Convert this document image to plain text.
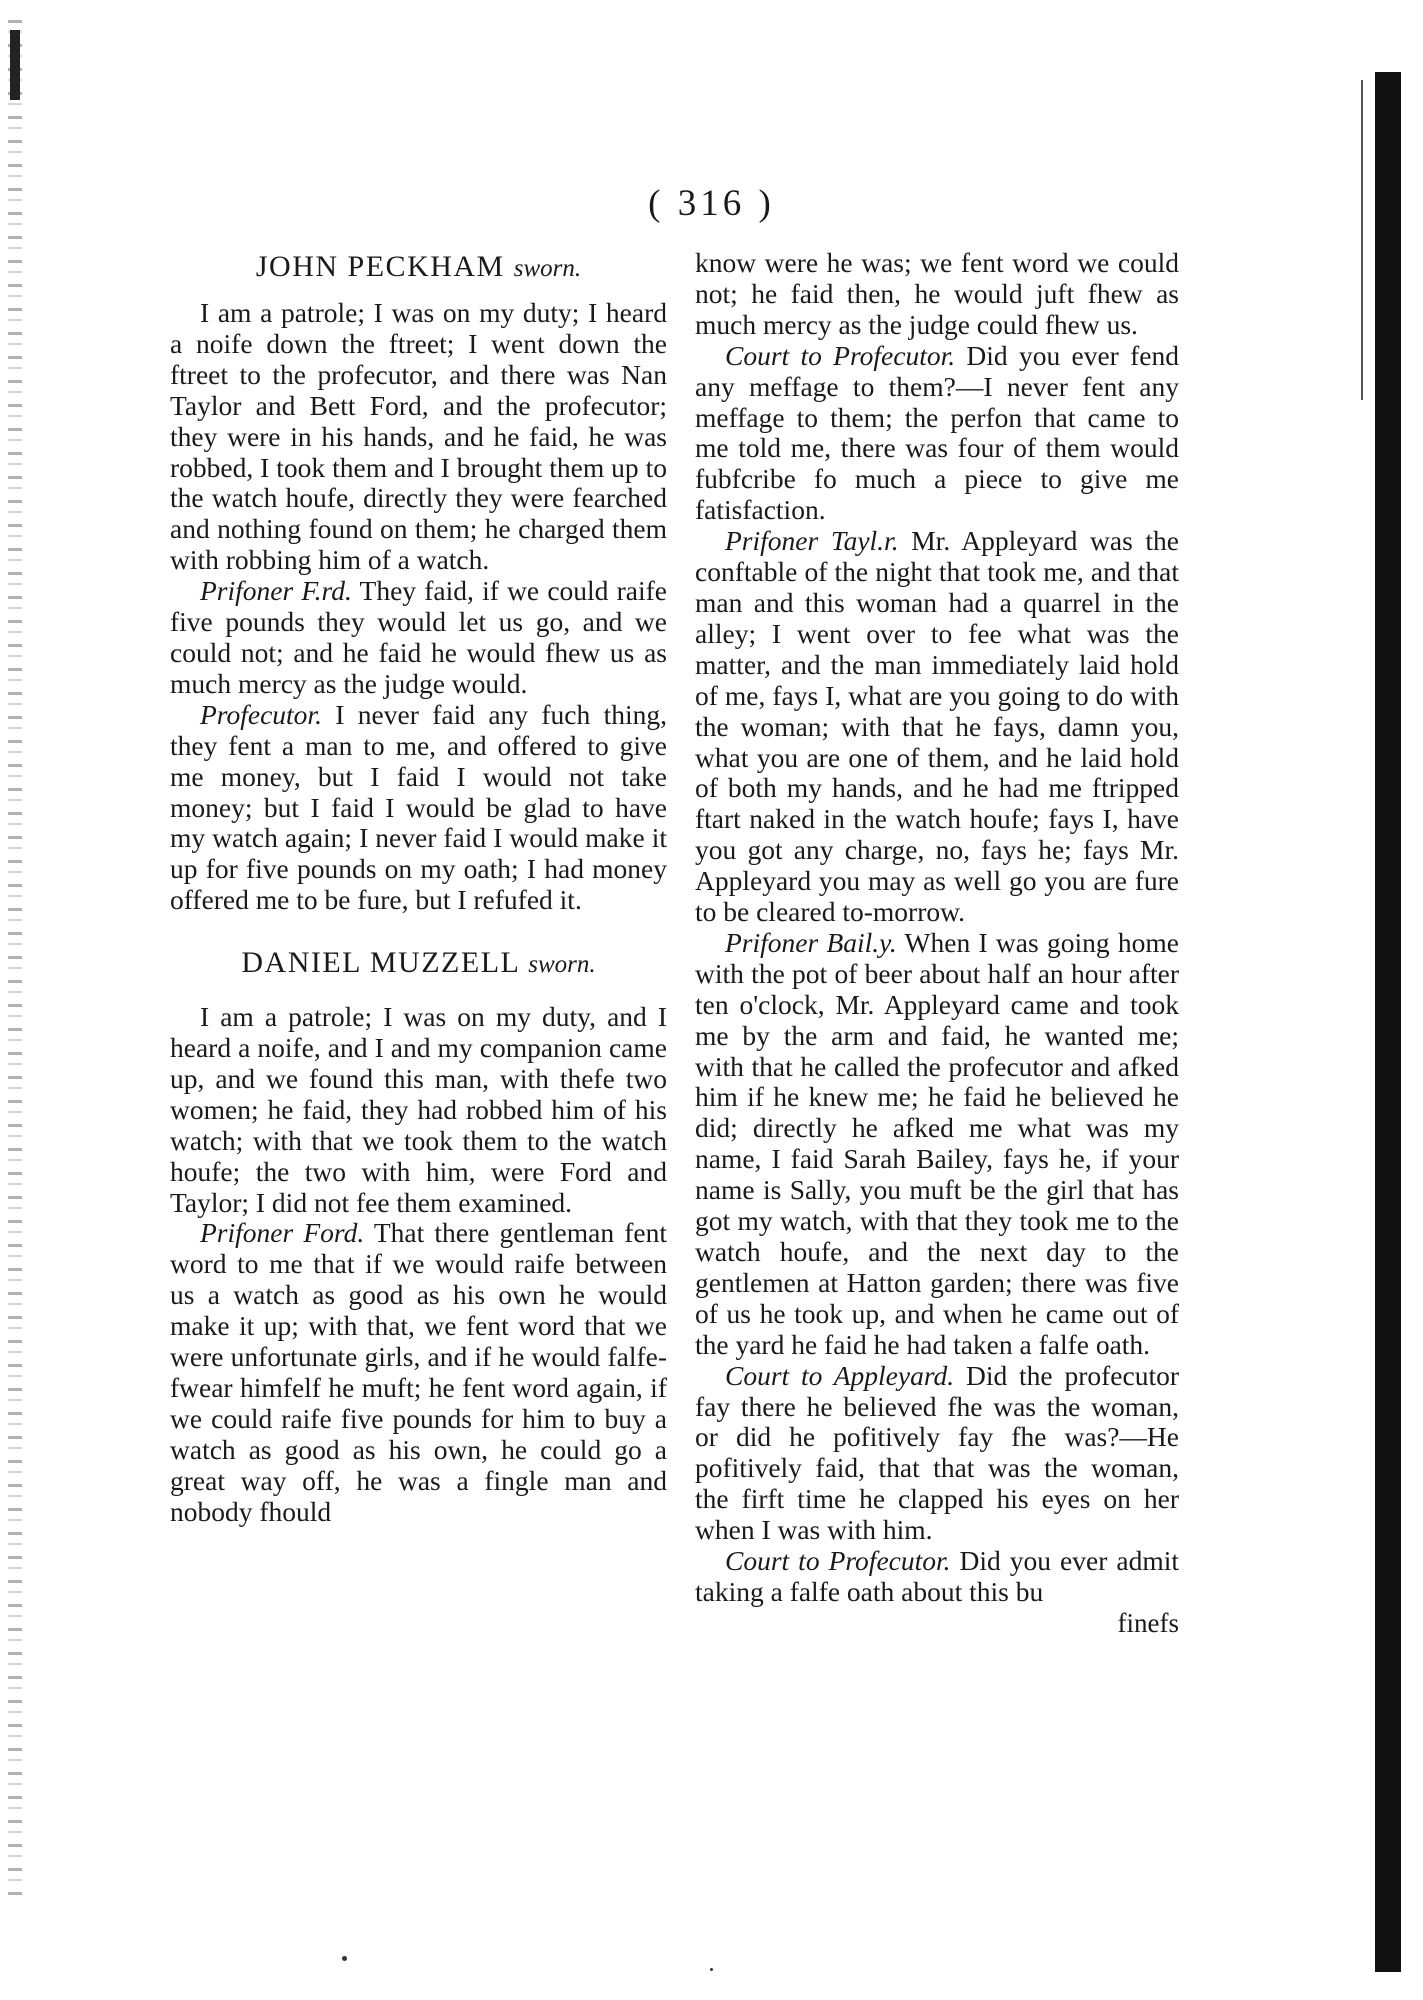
( 316 )
JOHN PECKHAM sworn.

I am a patrole; I was on my duty; I heard a noife down the ftreet; I went down the ftreet to the profecutor, and there was Nan Taylor and Bett Ford, and the profecutor; they were in his hands, and he faid, he was robbed, I took them and I brought them up to the watch houfe, directly they were fearched and nothing found on them; he charged them with robbing him of a watch.

Prifoner F.rd. They faid, if we could raife five pounds they would let us go, and we could not; and he faid he would fhew us as much mercy as the judge would.

Profecutor. I never faid any fuch thing, they fent a man to me, and offered to give me money, but I faid I would not take money; but I faid I would be glad to have my watch again; I never faid I would make it up for five pounds on my oath; I had money offered me to be fure, but I refufed it.

DANIEL MUZZELL sworn.

I am a patrole; I was on my duty, and I heard a noife, and I and my companion came up, and we found this man, with thefe two women; he faid, they had robbed him of his watch; with that we took them to the watch houfe; the two with him, were Ford and Taylor; I did not fee them examined.

Prifoner Ford. That there gentleman fent word to me that if we would raife between us a watch as good as his own he would make it up; with that, we fent word that we were unfortunate girls, and if he would falfe-fwear himfelf he muft; he fent word again, if we could raife five pounds for him to buy a watch as good as his own, he could go a great way off, he was a fingle man and nobody fhould

know were he was; we fent word we could not; he faid then, he would juft fhew as much mercy as the judge could fhew us.

Court to Profecutor. Did you ever fend any meffage to them?—I never fent any meffage to them; the perfon that came to me told me, there was four of them would fubfcribe fo much a piece to give me fatisfaction.

Prifoner Tayl.r. Mr. Appleyard was the conftable of the night that took me, and that man and this woman had a quarrel in the alley; I went over to fee what was the matter, and the man immediately laid hold of me, fays I, what are you going to do with the woman; with that he fays, damn you, what you are one of them, and he laid hold of both my hands, and he had me ftripped ftart naked in the watch houfe; fays I, have you got any charge, no, fays he; fays Mr. Appleyard you may as well go you are fure to be cleared to-morrow.

Prifoner Bail.y. When I was going home with the pot of beer about half an hour after ten o'clock, Mr. Appleyard came and took me by the arm and faid, he wanted me; with that he called the profecutor and afked him if he knew me; he faid he believed he did; directly he afked me what was my name, I faid Sarah Bailey, fays he, if your name is Sally, you muft be the girl that has got my watch, with that they took me to the watch houfe, and the next day to the gentlemen at Hatton garden; there was five of us he took up, and when he came out of the yard he faid he had taken a falfe oath.

Court to Appleyard. Did the profecutor fay there he believed fhe was the woman, or did he pofitively fay fhe was?—He pofitively faid, that that was the woman, the firft time he clapped his eyes on her when I was with him.

Court to Profecutor. Did you ever admit taking a falfe oath about this bu

finefs
